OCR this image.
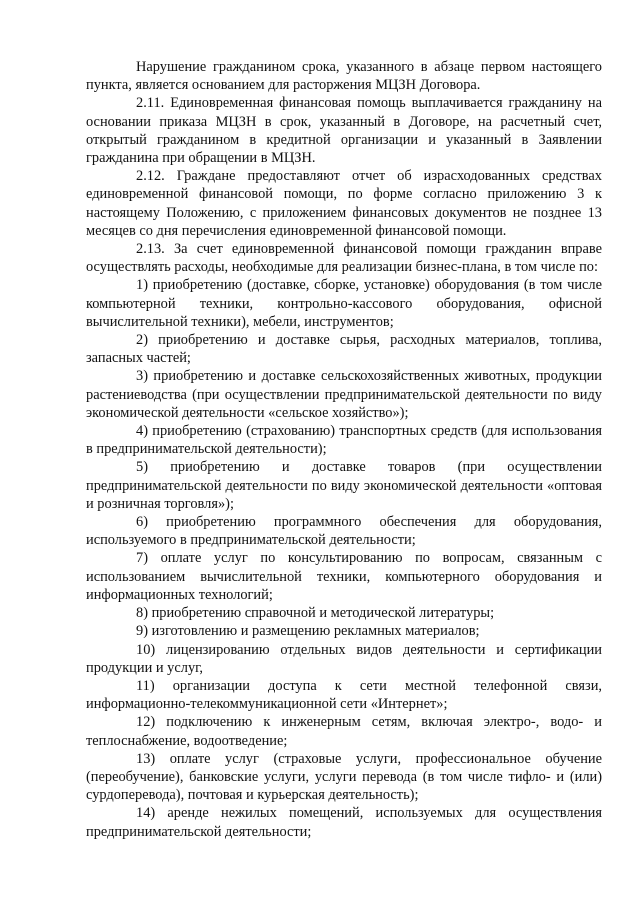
Нарушение гражданином срока, указанного в абзаце первом настоящего пункта, является основанием для расторжения МЦЗН Договора.

2.11. Единовременная финансовая помощь выплачивается гражданину на основании приказа МЦЗН в срок, указанный в Договоре, на расчетный счет, открытый гражданином в кредитной организации и указанный в Заявлении гражданина при обращении в МЦЗН.

2.12. Граждане предоставляют отчет об израсходованных средствах единовременной финансовой помощи, по форме согласно приложению 3 к настоящему Положению, с приложением финансовых документов не позднее 13 месяцев со дня перечисления единовременной финансовой помощи.

2.13. За счет единовременной финансовой помощи гражданин вправе осуществлять расходы, необходимые для реализации бизнес-плана, в том числе по:

1) приобретению (доставке, сборке, установке) оборудования (в том числе компьютерной техники, контрольно-кассового оборудования, офисной вычислительной техники), мебели, инструментов;

2) приобретению и доставке сырья, расходных материалов, топлива, запасных частей;

3) приобретению и доставке сельскохозяйственных животных, продукции растениеводства (при осуществлении предпринимательской деятельности по виду экономической деятельности «сельское хозяйство»);

4) приобретению (страхованию) транспортных средств (для использования в предпринимательской деятельности);

5) приобретению и доставке товаров (при осуществлении предпринимательской деятельности по виду экономической деятельности «оптовая и розничная торговля»);

6) приобретению программного обеспечения для оборудования, используемого в предпринимательской деятельности;

7) оплате услуг по консультированию по вопросам, связанным с использованием вычислительной техники, компьютерного оборудования и информационных технологий;

8) приобретению справочной и методической литературы;

9) изготовлению и размещению рекламных материалов;

10) лицензированию отдельных видов деятельности и сертификации продукции и услуг,

11) организации доступа к сети местной телефонной связи, информационно-телекоммуникационной сети «Интернет»;

12) подключению к инженерным сетям, включая электро-, водо- и теплоснабжение, водоотведение;

13) оплате услуг (страховые услуги, профессиональное обучение (переобучение), банковские услуги, услуги перевода (в том числе тифло- и (или) сурдоперевода), почтовая и курьерская деятельность);

14) аренде нежилых помещений, используемых для осуществления предпринимательской деятельности;
